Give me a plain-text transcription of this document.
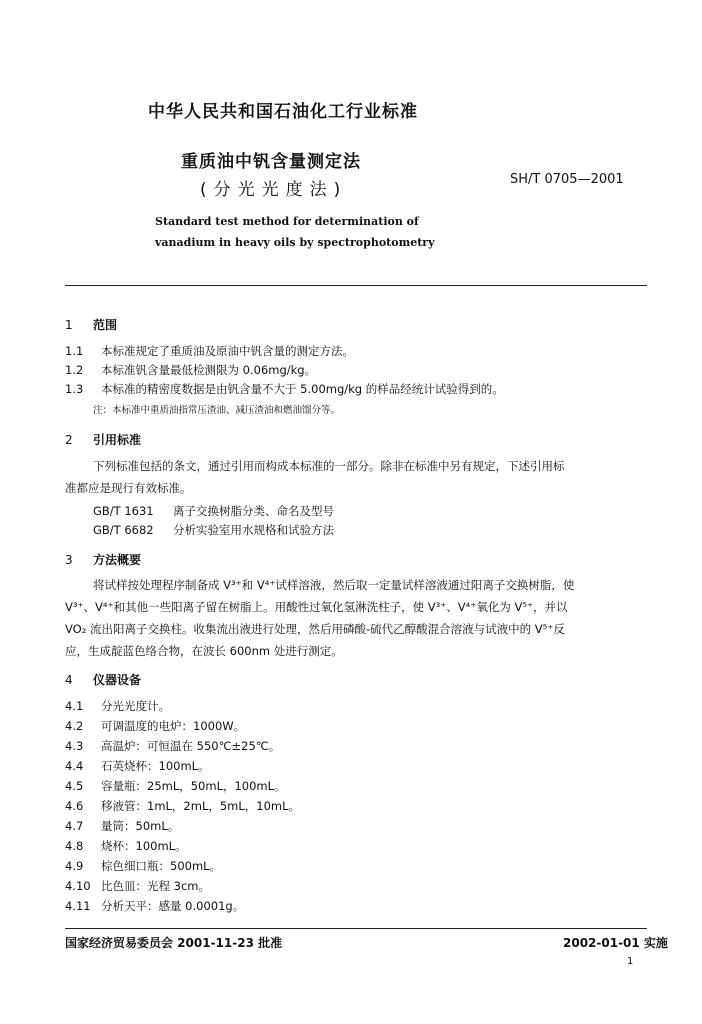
中华人民共和国石油化工行业标准
重质油中钒含量测定法
(分光光度法)
SH/T 0705—2001
Standard test method for determination of
vanadium in heavy oils by spectrophotometry
1 范围
1.1 本标准规定了重质油及原油中钒含量的测定方法。
1.2 本标准钒含量最低检测限为 0.06mg/kg。
1.3 本标准的精密度数据是由钒含量不大于 5.00mg/kg 的样品经统计试验得到的。
注：本标准中重质油指常压渣油、减压渣油和燃油馏分等。
2 引用标准
下列标准包括的条文，通过引用而构成本标准的一部分。除非在标准中另有规定，下述引用标
准都应是现行有效标准。
GB/T 1631 离子交换树脂分类、命名及型号
GB/T 6682 分析实验室用水规格和试验方法
3 方法概要
将试样按处理程序制备成 V³⁺和 V⁴⁺试样溶液，然后取一定量试样溶液通过阳离子交换树脂，使
V³⁺、V⁴⁺和其他一些阳离子留在树脂上。用酸性过氧化氢淋洗柱子，使 V³⁺、V⁴⁺氧化为 V⁵⁺，并以
VO₂ 流出阳离子交换柱。收集流出液进行处理，然后用磷酸-硫代乙醇酸混合溶液与试液中的 V⁵⁺反
应，生成靛蓝色络合物，在波长 600nm 处进行测定。
4 仪器设备
4.1 分光光度计。
4.2 可调温度的电炉：1000W。
4.3 高温炉：可恒温在 550℃±25℃。
4.4 石英烧杯：100mL。
4.5 容量瓶：25mL，50mL，100mL。
4.6 移液管：1mL，2mL，5mL，10mL。
4.7 量筒：50mL。
4.8 烧杯：100mL。
4.9 棕色细口瓶：500mL。
4.10 比色皿：光程 3cm。
4.11 分析天平：感量 0.0001g。
国家经济贸易委员会 2001-11-23 批准	2002-01-01 实施
1
